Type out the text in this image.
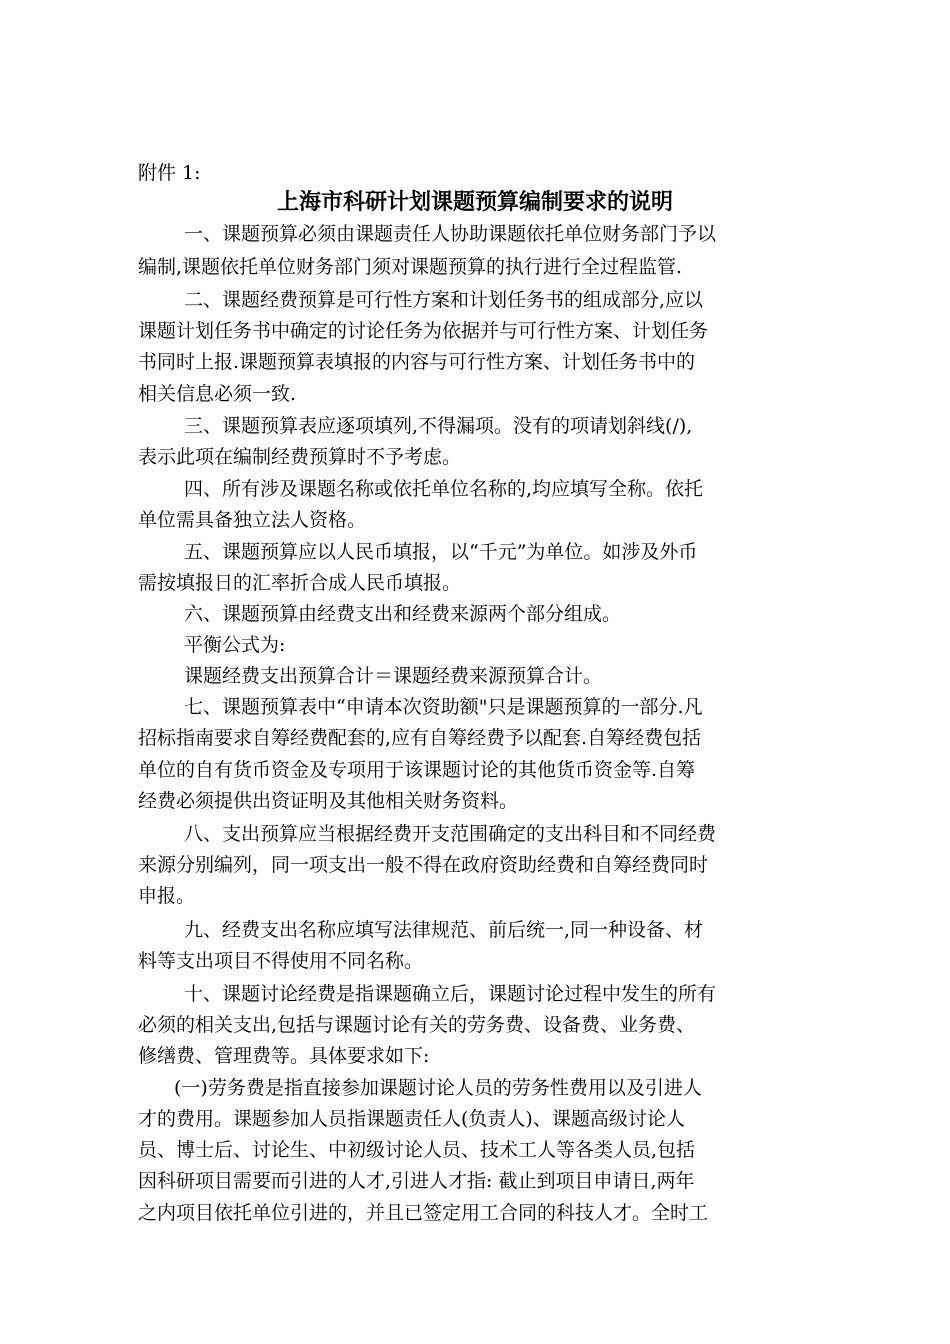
附件 1:
上海市科研计划课题预算编制要求的说明
一、课题预算必须由课题责任人协助课题依托单位财务部门予以
编制,课题依托单位财务部门须对课题预算的执行进行全过程监管.
二、课题经费预算是可行性方案和计划任务书的组成部分,应以
课题计划任务书中确定的讨论任务为依据并与可行性方案、计划任务
书同时上报.课题预算表填报的内容与可行性方案、计划任务书中的
相关信息必须一致.
三、课题预算表应逐项填列,不得漏项。没有的项请划斜线(/),
表示此项在编制经费预算时不予考虑。
四、所有涉及课题名称或依托单位名称的,均应填写全称。依托
单位需具备独立法人资格。
五、课题预算应以人民币填报，以“千元”为单位。如涉及外币
需按填报日的汇率折合成人民币填报。
六、课题预算由经费支出和经费来源两个部分组成。
平衡公式为:
课题经费支出预算合计＝课题经费来源预算合计。
七、课题预算表中“申请本次资助额"只是课题预算的一部分.凡
招标指南要求自筹经费配套的,应有自筹经费予以配套.自筹经费包括
单位的自有货币资金及专项用于该课题讨论的其他货币资金等.自筹
经费必须提供出资证明及其他相关财务资料。
八、支出预算应当根据经费开支范围确定的支出科目和不同经费
来源分别编列，同一项支出一般不得在政府资助经费和自筹经费同时
申报。
九、经费支出名称应填写法律规范、前后统一,同一种设备、材
料等支出项目不得使用不同名称。
十、课题讨论经费是指课题确立后，课题讨论过程中发生的所有
必须的相关支出,包括与课题讨论有关的劳务费、设备费、业务费、
修缮费、管理费等。具体要求如下:
(一)劳务费是指直接参加课题讨论人员的劳务性费用以及引进人
才的费用。课题参加人员指课题责任人(负责人)、课题高级讨论人
员、博士后、讨论生、中初级讨论人员、技术工人等各类人员,包括
因科研项目需要而引进的人才,引进人才指: 截止到项目申请日,两年
之内项目依托单位引进的，并且已签定用工合同的科技人才。全时工
